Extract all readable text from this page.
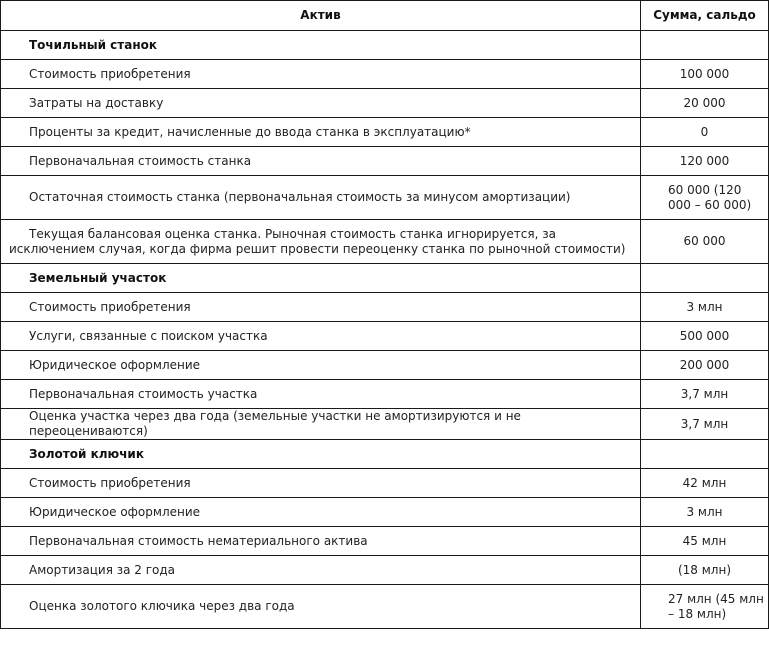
Актив	Сумма, сальдо
Точильный станок	
Стоимость приобретения	100 000
Затраты на доставку	20 000
Проценты за кредит, начисленные до ввода станка в эксплуатацию*	0
Первоначальная стоимость станка	120 000
Остаточная стоимость станка (первоначальная стоимость за минусом амортизации)	60 000 (120 000 – 60 000)
Текущая балансовая оценка станка. Рыночная стоимость станка игнорируется, за исключением случая, когда фирма решит провести переоценку станка по рыночной стоимости)	60 000
Земельный участок	
Стоимость приобретения	3 млн
Услуги, связанные с поиском участка	500 000
Юридическое оформление	200 000
Первоначальная стоимость участка	3,7 млн
Оценка участка через два года (земельные участки не амортизируются и не переоцениваются)	3,7 млн
Золотой ключик	
Стоимость приобретения	42 млн
Юридическое оформление	3 млн
Первоначальная стоимость нематериального актива	45 млн
Амортизация за 2 года	(18 млн)
Оценка золотого ключика через два года	27 млн (45 млн – 18 млн)
